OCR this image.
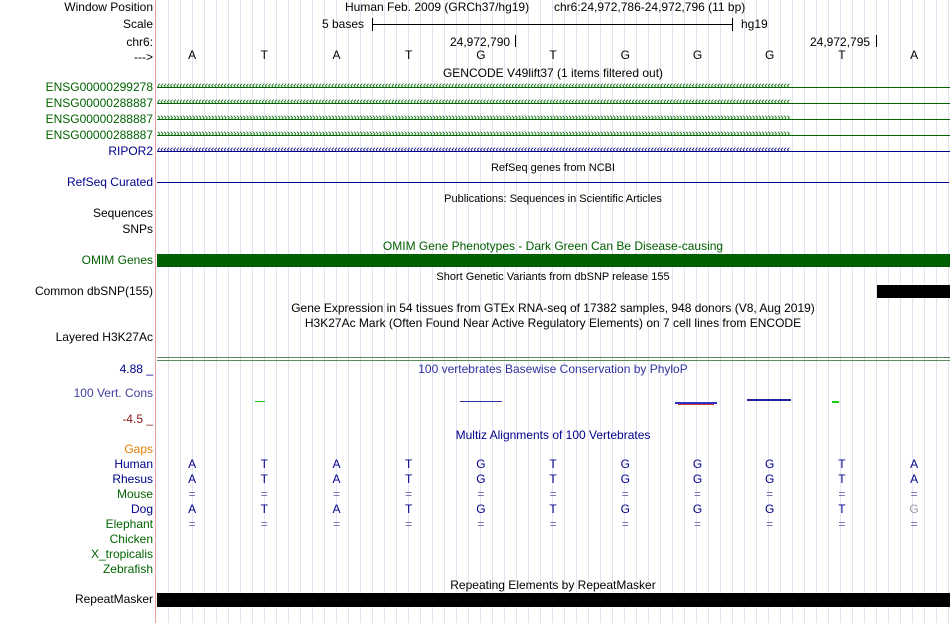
Window Position
Scale
chr6:
--->
Human Feb. 2009 (GRCh37/hg19) chr6:24,972,786-24,972,796 (11 bp)
5 bases	hg19
24,972,790	24,972,795
A	T	A	T	G	T	G	G	G	T	A
GENCODE V49lift37 (1 items filtered out)
ENSG00000299278 ‹‹‹‹‹‹‹‹‹‹‹‹‹‹‹‹‹‹‹‹‹‹‹‹‹‹‹‹‹‹‹‹‹‹‹‹‹‹‹‹‹‹‹‹‹‹‹‹‹‹‹‹‹‹‹‹‹‹‹‹‹‹‹‹‹‹‹‹‹‹‹‹‹‹‹‹‹‹‹‹‹‹‹‹‹‹‹‹‹‹‹‹‹‹‹‹‹‹‹‹‹‹‹‹‹‹‹‹‹‹‹‹‹‹‹‹‹‹‹‹‹‹‹‹‹‹‹‹‹‹‹‹‹‹‹‹‹‹‹‹‹‹‹‹‹‹‹‹‹‹‹‹‹‹‹‹‹‹‹‹‹‹‹‹‹‹‹‹‹‹‹‹‹‹‹‹‹‹‹‹‹‹‹‹‹‹‹‹‹‹‹‹‹‹‹‹‹‹‹‹
ENSG00000288887 ‹‹‹‹‹‹‹‹‹‹‹‹‹‹‹‹‹‹‹‹‹‹‹‹‹‹‹‹‹‹‹‹‹‹‹‹‹‹‹‹‹‹‹‹‹‹‹‹‹‹‹‹‹‹‹‹‹‹‹‹‹‹‹‹‹‹‹‹‹‹‹‹‹‹‹‹‹‹‹‹‹‹‹‹‹‹‹‹‹‹‹‹‹‹‹‹‹‹‹‹‹‹‹‹‹‹‹‹‹‹‹‹‹‹‹‹‹‹‹‹‹‹‹‹‹‹‹‹‹‹‹‹‹‹‹‹‹‹‹‹‹‹‹‹‹‹‹‹‹‹‹‹‹‹‹‹‹‹‹‹‹‹‹‹‹‹‹‹‹‹‹‹‹‹‹‹‹‹‹‹‹‹‹‹‹‹‹‹‹‹‹‹‹‹‹‹‹‹‹‹
ENSG00000288887 ››››››››››››››››››››››››››››››››››››››››››››››››››››››››››››››››››››››››››››››››››››››››››››››››››››››››››››››››››››››››››››››››››››››››››››››››››››››››››››››››››››››››››››››››››››››››››››››››››››››››
ENSG00000288887 ››››››››››››››››››››››››››››››››››››››››››››››››››››››››››››››››››››››››››››››››››››››››››››››››››››››››››››››››››››››››››››››››››››››››››››››››››››››››››››››››››››››››››››››››››››››››››››››››››››››››
RIPOR2 ‹‹‹‹‹‹‹‹‹‹‹‹‹‹‹‹‹‹‹‹‹‹‹‹‹‹‹‹‹‹‹‹‹‹‹‹‹‹‹‹‹‹‹‹‹‹‹‹‹‹‹‹‹‹‹‹‹‹‹‹‹‹‹‹‹‹‹‹‹‹‹‹‹‹‹‹‹‹‹‹‹‹‹‹‹‹‹‹‹‹‹‹‹‹‹‹‹‹‹‹‹‹‹‹‹‹‹‹‹‹‹‹‹‹‹‹‹‹‹‹‹‹‹‹‹‹‹‹‹‹‹‹‹‹‹‹‹‹‹‹‹‹‹‹‹‹‹‹‹‹‹‹‹‹‹‹‹‹‹‹‹‹‹‹‹‹‹‹‹‹‹‹‹‹‹‹‹‹‹‹‹‹‹‹‹‹‹‹‹‹‹‹‹‹‹‹‹‹‹‹
RefSeq genes from NCBI
RefSeq Curated
Publications: Sequences in Scientific Articles
Sequences
SNPs
OMIM Gene Phenotypes - Dark Green Can Be Disease-causing
OMIM Genes
Short Genetic Variants from dbSNP release 155
Common dbSNP(155)
Gene Expression in 54 tissues from GTEx RNA-seq of 17382 samples, 948 donors (V8, Aug 2019)
H3K27Ac Mark (Often Found Near Active Regulatory Elements) on 7 cell lines from ENCODE
Layered H3K27Ac
4.88 _	100 vertebrates Basewise Conservation by PhyloP
100 Vert. Cons
-4.5 _
Multiz Alignments of 100 Vertebrates
Gaps
Human	A	T	A	T	G	T	G	G	G	T	A
Rhesus	A	T	A	T	G	T	G	G	G	T	A
Mouse	=	=	=	=	=	=	=	=	=	=	=
Dog	A	T	A	T	G	T	G	G	G	T	G
Elephant	=	=	=	=	=	=	=	=	=	=	=
Chicken
X_tropicalis
Zebrafish
Repeating Elements by RepeatMasker
RepeatMasker
